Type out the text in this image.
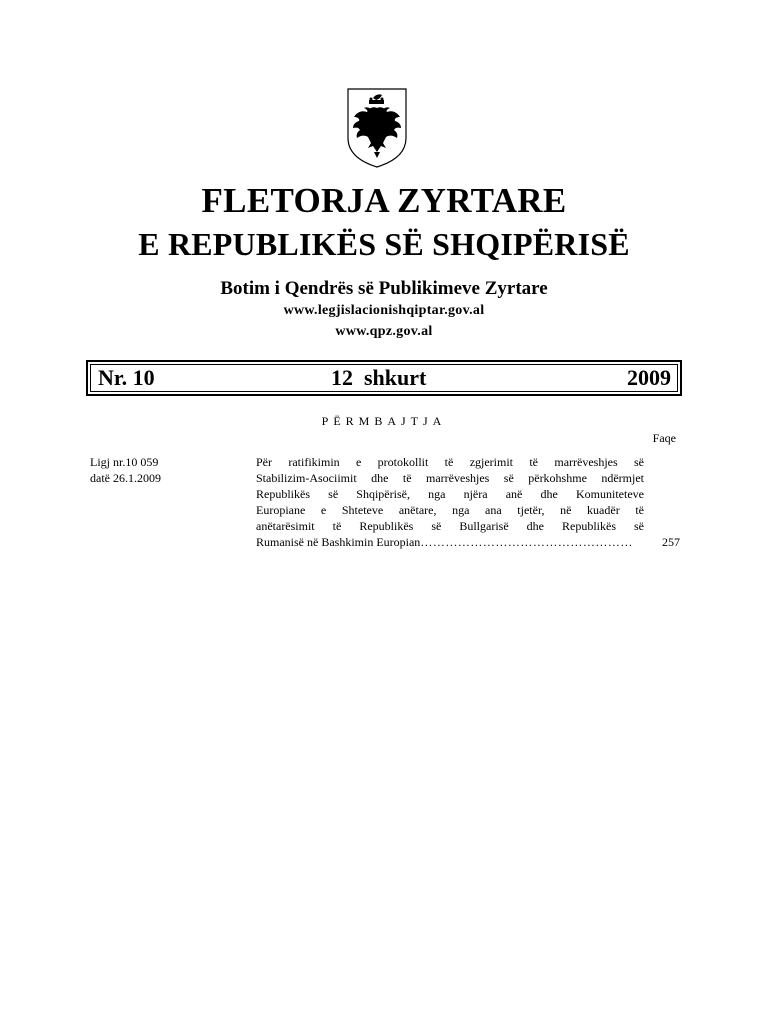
FLETORJA ZYRTARE
E REPUBLIKËS SË SHQIPËRISË

Botim i Qendrës së Publikimeve Zyrtare

www.legjislacionishqiptar.gov.al

www.qpz.gov.al

Nr. 10	12  shkurt	2009
PËRMBAJTJA
Faqe
Ligj nr.10 059
datë 26.1.2009
Për ratifikimin e protokollit të zgjerimit të marrëveshjes së
Stabilizim-Asociimit dhe të marrëveshjes së përkohshme ndërmjet
Republikës së Shqipërisë, nga njëra anë dhe Komuniteteve
Europiane e Shteteve anëtare, nga ana tjetër, në kuadër të
anëtarësimit të Republikës së Bullgarisë dhe Republikës së
Rumanisë në Bashkimin Europian ……………………………………………	257
